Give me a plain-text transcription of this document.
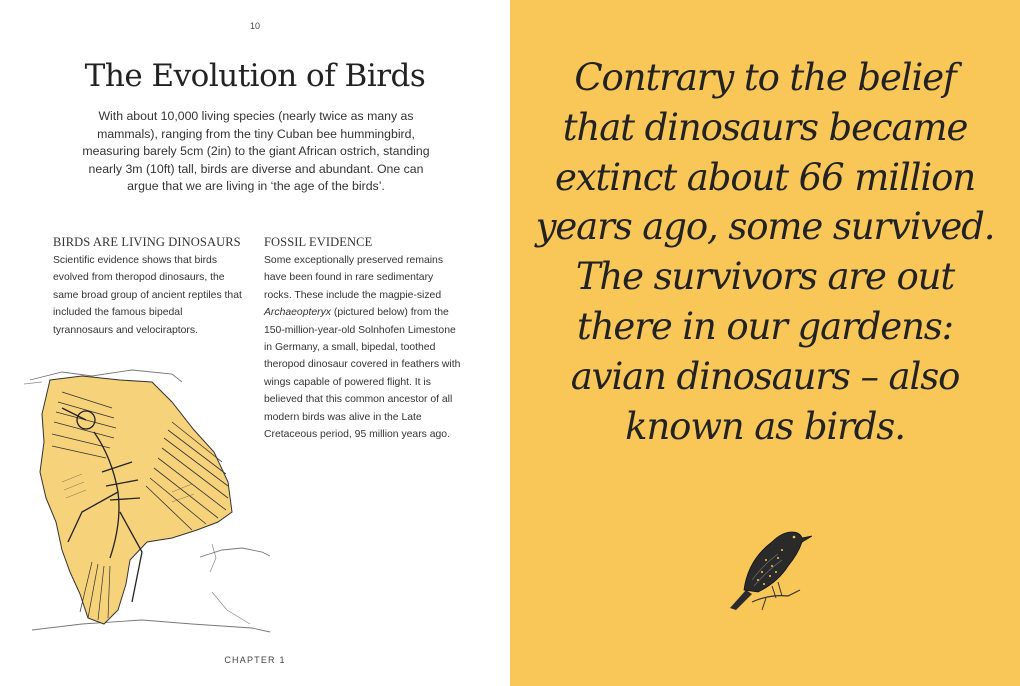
10
The Evolution of Birds
With about 10,000 living species (nearly twice as many as mammals), ranging from the tiny Cuban bee hummingbird, measuring barely 5cm (2in) to the giant African ostrich, standing nearly 3m (10ft) tall, birds are diverse and abundant. One can argue that we are living in ‘the age of the birds’.
BIRDS ARE LIVING DINOSAURS

Scientific evidence shows that birds evolved from theropod dinosaurs, the same broad group of ancient reptiles that included the famous bipedal tyrannosaurs and velociraptors.

FOSSIL EVIDENCE

Some exceptionally preserved remains have been found in rare sedimentary rocks. These include the magpie-sized Archaeopteryx (pictured below) from the 150-million-year-old Solnhofen Limestone in Germany, a small, bipedal, toothed theropod dinosaur covered in feathers with wings capable of powered flight. It is believed that this common ancestor of all modern birds was alive in the Late Cretaceous period, 95 million years ago.

CHAPTER 1
Contrary to the belief that dinosaurs became extinct about 66 million years ago, some survived. The survivors are out there in our gardens: avian dinosaurs – also known as birds.
